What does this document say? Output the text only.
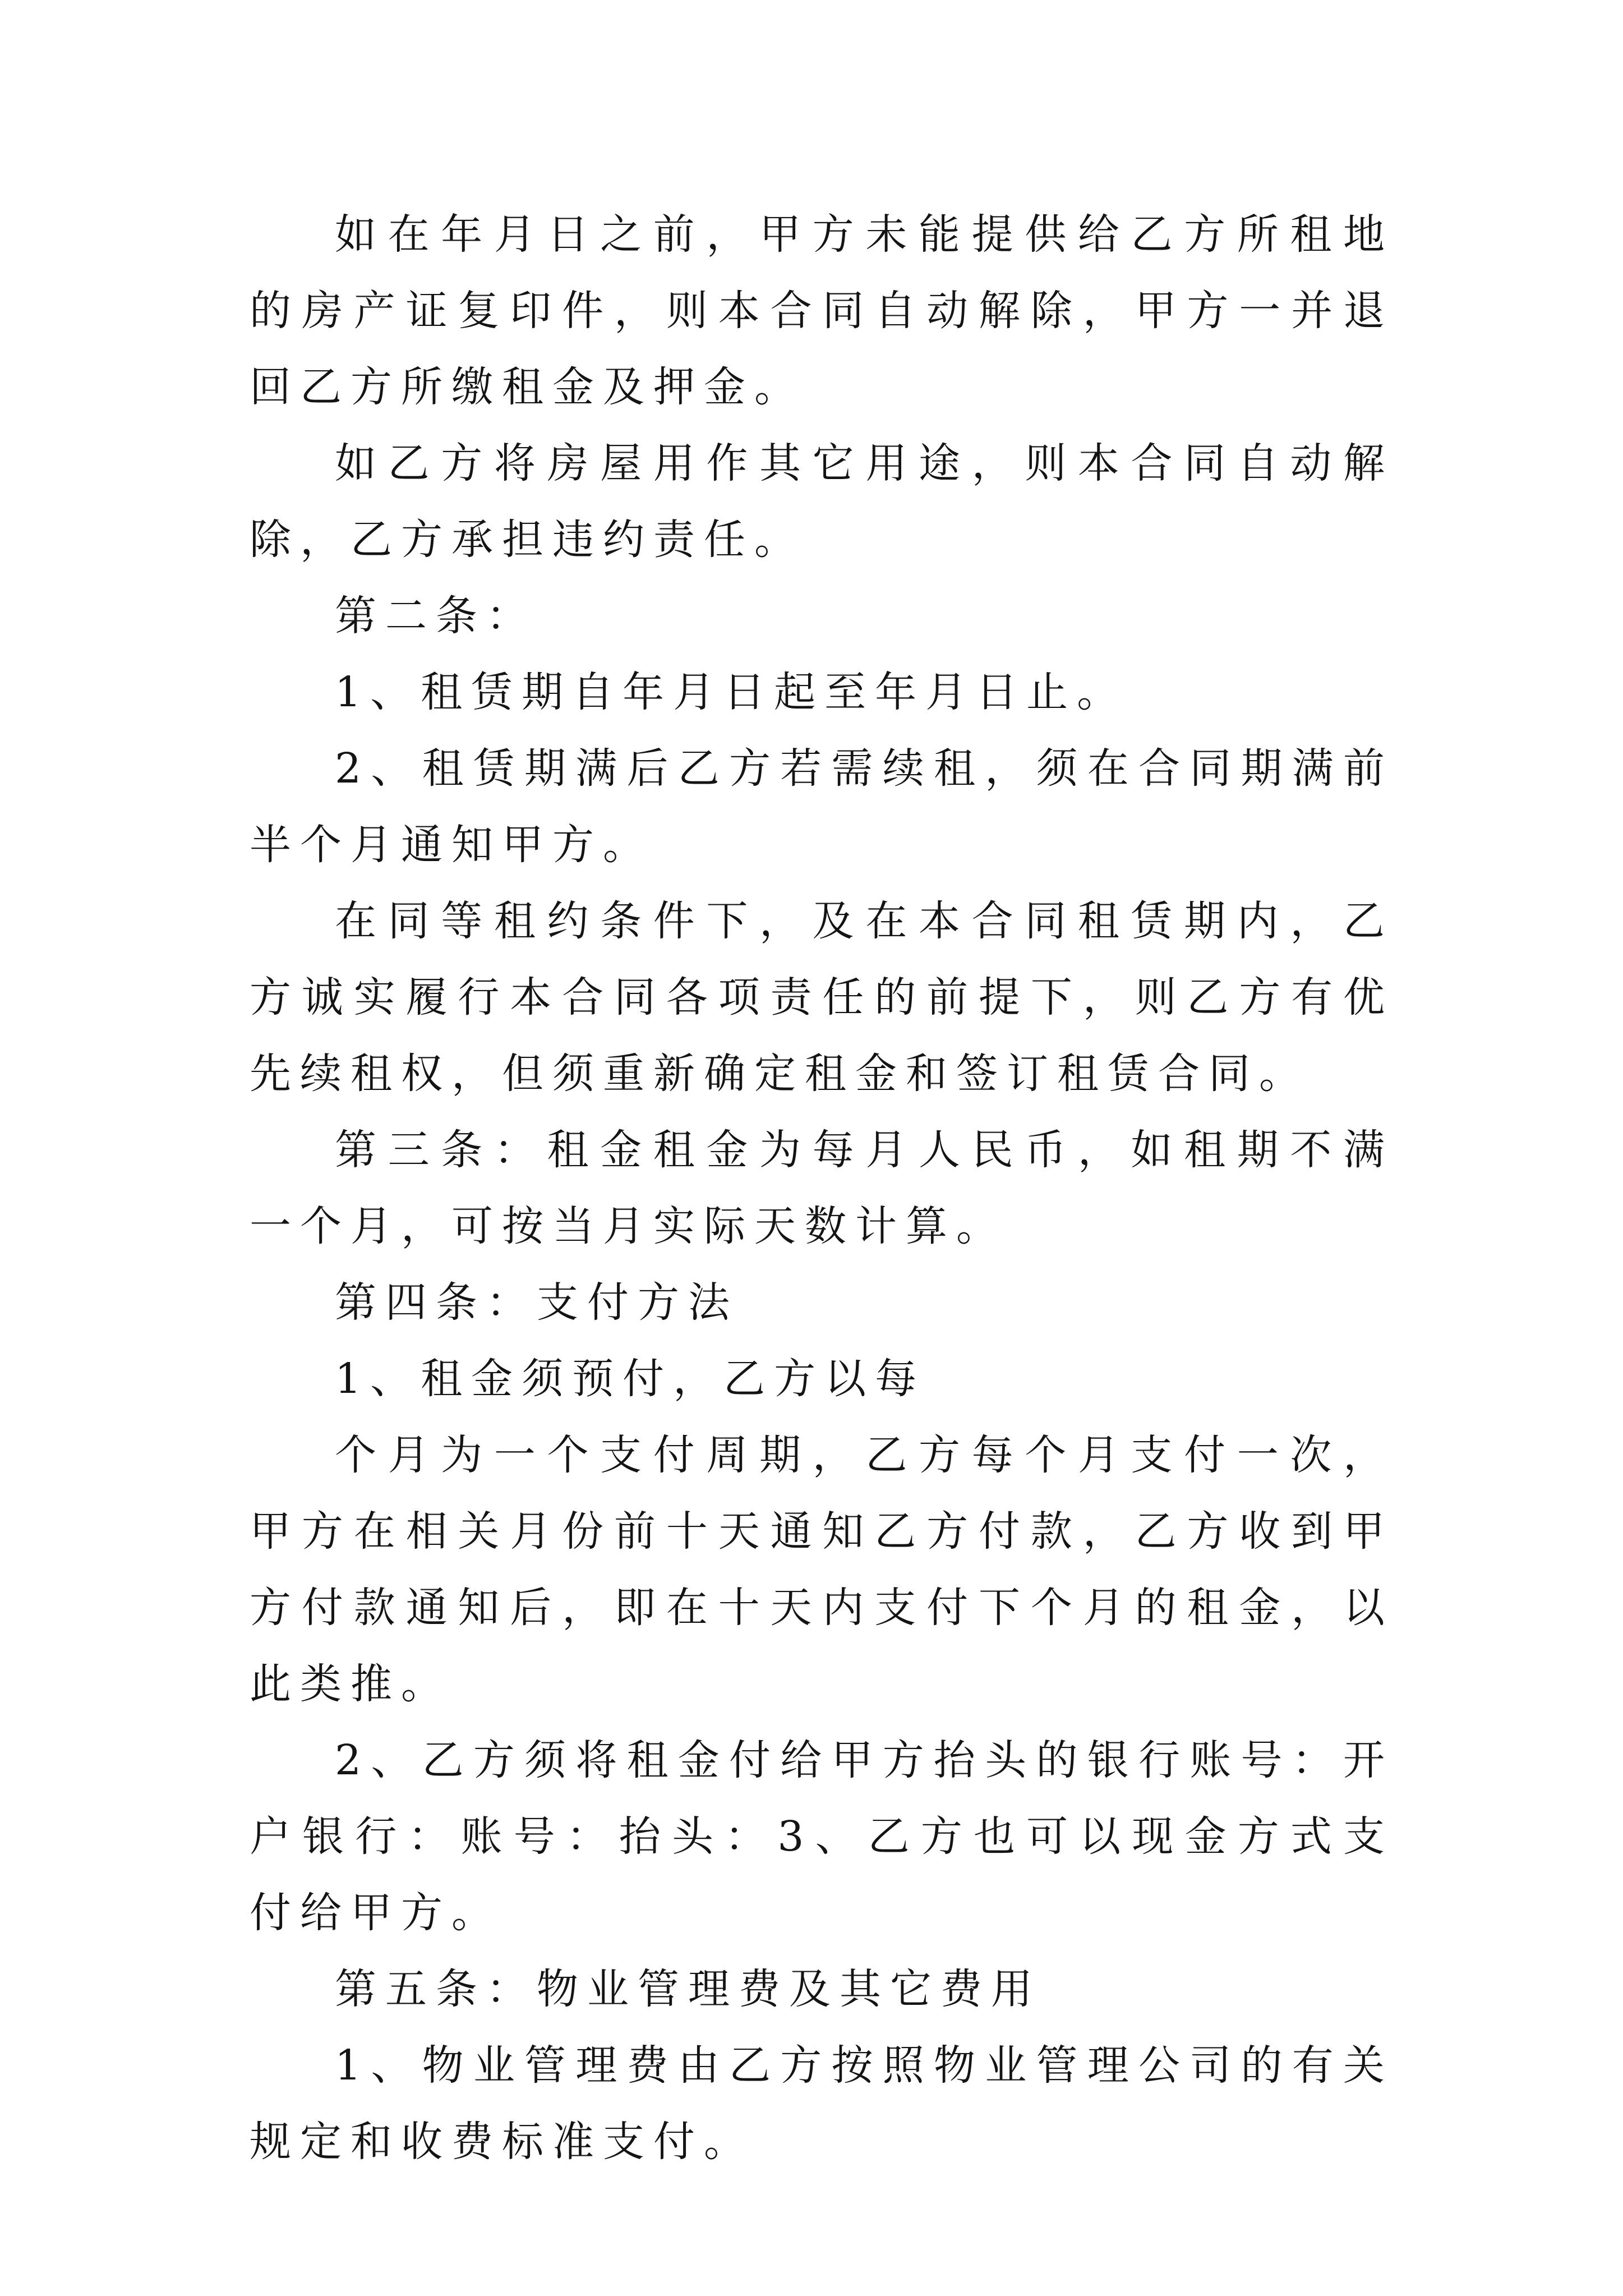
如在年月日之前，甲方未能提供给乙方所租地的房产证复印件，则本合同自动解除，甲方一并退回乙方所缴租金及押金。

如乙方将房屋用作其它用途，则本合同自动解除，乙方承担违约责任。

第二条：

1、租赁期自年月日起至年月日止。

2、租赁期满后乙方若需续租，须在合同期满前半个月通知甲方。

在同等租约条件下，及在本合同租赁期内，乙方诚实履行本合同各项责任的前提下，则乙方有优先续租权，但须重新确定租金和签订租赁合同。

第三条：租金租金为每月人民币，如租期不满一个月，可按当月实际天数计算。

第四条：支付方法

1、租金须预付，乙方以每

个月为一个支付周期，乙方每个月支付一次，甲方在相关月份前十天通知乙方付款，乙方收到甲方付款通知后，即在十天内支付下个月的租金，以此类推。

2、乙方须将租金付给甲方抬头的银行账号：开户银行：账号：抬头：3、乙方也可以现金方式支付给甲方。

第五条：物业管理费及其它费用

1、物业管理费由乙方按照物业管理公司的有关规定和收费标准支付。
